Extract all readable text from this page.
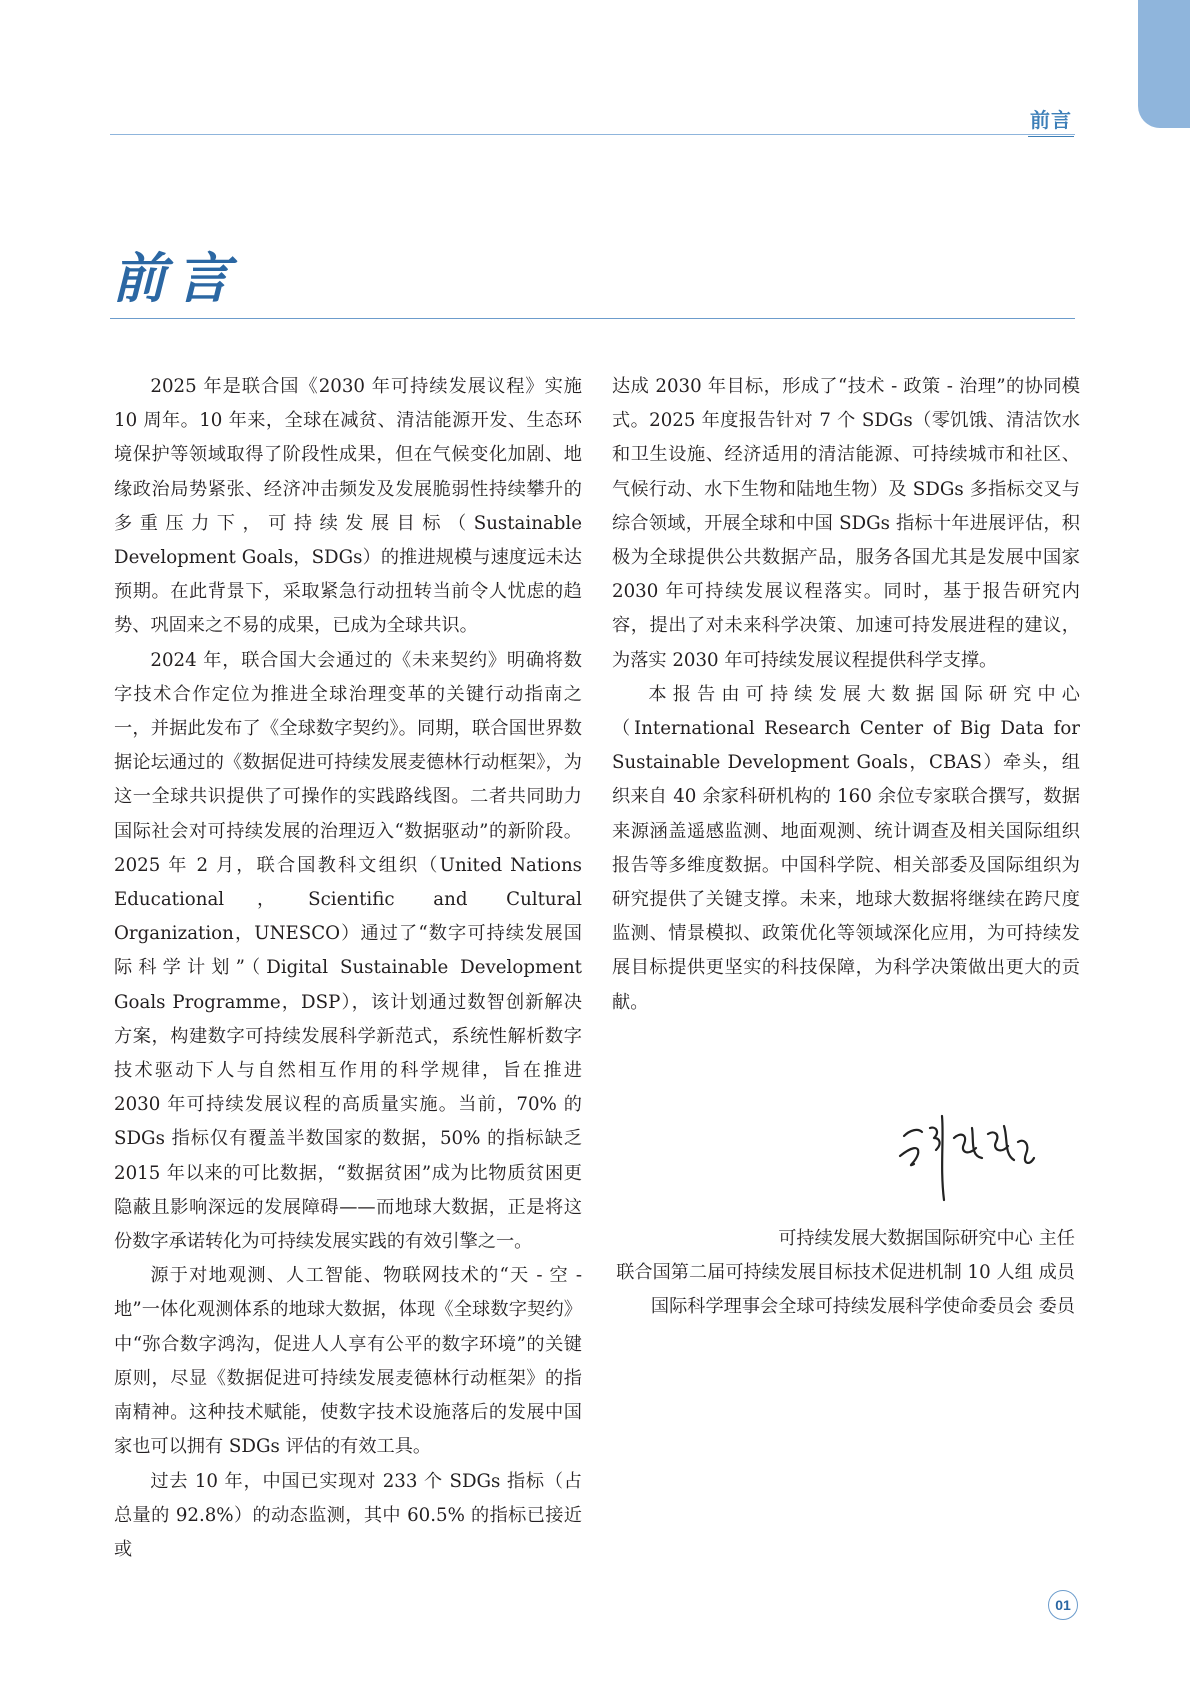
前言
前言

2025 年是联合国《2030 年可持续发展议程》实施 10 周年。10 年来，全球在减贫、清洁能源开发、生态环境保护等领域取得了阶段性成果，但在气候变化加剧、地缘政治局势紧张、经济冲击频发及发展脆弱性持续攀升的多重压力下，可持续发展目标（Sustainable Development Goals，SDGs）的推进规模与速度远未达预期。在此背景下，采取紧急行动扭转当前令人忧虑的趋势、巩固来之不易的成果，已成为全球共识。

2024 年，联合国大会通过的《未来契约》明确将数字技术合作定位为推进全球治理变革的关键行动指南之一，并据此发布了《全球数字契约》。同期，联合国世界数据论坛通过的《数据促进可持续发展麦德林行动框架》，为这一全球共识提供了可操作的实践路线图。二者共同助力国际社会对可持续发展的治理迈入“数据驱动”的新阶段。2025 年 2 月，联合国教科文组织（United Nations Educational，Scientific and Cultural Organization，UNESCO）通过了“数字可持续发展国际科学计划”（Digital Sustainable Development Goals Programme，DSP），该计划通过数智创新解决方案，构建数字可持续发展科学新范式，系统性解析数字技术驱动下人与自然相互作用的科学规律，旨在推进 2030 年可持续发展议程的高质量实施。当前，70% 的 SDGs 指标仅有覆盖半数国家的数据，50% 的指标缺乏 2015 年以来的可比数据，“数据贫困”成为比物质贫困更隐蔽且影响深远的发展障碍——而地球大数据，正是将这份数字承诺转化为可持续发展实践的有效引擎之一。

源于对地观测、人工智能、物联网技术的“天 - 空 - 地”一体化观测体系的地球大数据，体现《全球数字契约》中“弥合数字鸿沟，促进人人享有公平的数字环境”的关键原则，尽显《数据促进可持续发展麦德林行动框架》的指南精神。这种技术赋能，使数字技术设施落后的发展中国家也可以拥有 SDGs 评估的有效工具。

过去 10 年，中国已实现对 233 个 SDGs 指标（占总量的 92.8%）的动态监测，其中 60.5% 的指标已接近或

达成 2030 年目标，形成了“技术 - 政策 - 治理”的协同模式。2025 年度报告针对 7 个 SDGs（零饥饿、清洁饮水和卫生设施、经济适用的清洁能源、可持续城市和社区、气候行动、水下生物和陆地生物）及 SDGs 多指标交叉与综合领域，开展全球和中国 SDGs 指标十年进展评估，积极为全球提供公共数据产品，服务各国尤其是发展中国家 2030 年可持续发展议程落实。同时，基于报告研究内容，提出了对未来科学决策、加速可持发展进程的建议，为落实 2030 年可持续发展议程提供科学支撑。

本报告由可持续发展大数据国际研究中心（International Research Center of Big Data for Sustainable Development Goals，CBAS）牵头，组织来自 40 余家科研机构的 160 余位专家联合撰写，数据来源涵盖遥感监测、地面观测、统计调查及相关国际组织报告等多维度数据。中国科学院、相关部委及国际组织为研究提供了关键支撑。未来，地球大数据将继续在跨尺度监测、情景模拟、政策优化等领域深化应用，为可持续发展目标提供更坚实的科技保障，为科学决策做出更大的贡献。

可持续发展大数据国际研究中心 主任
联合国第二届可持续发展目标技术促进机制 10 人组 成员
国际科学理事会全球可持续发展科学使命委员会 委员
01
